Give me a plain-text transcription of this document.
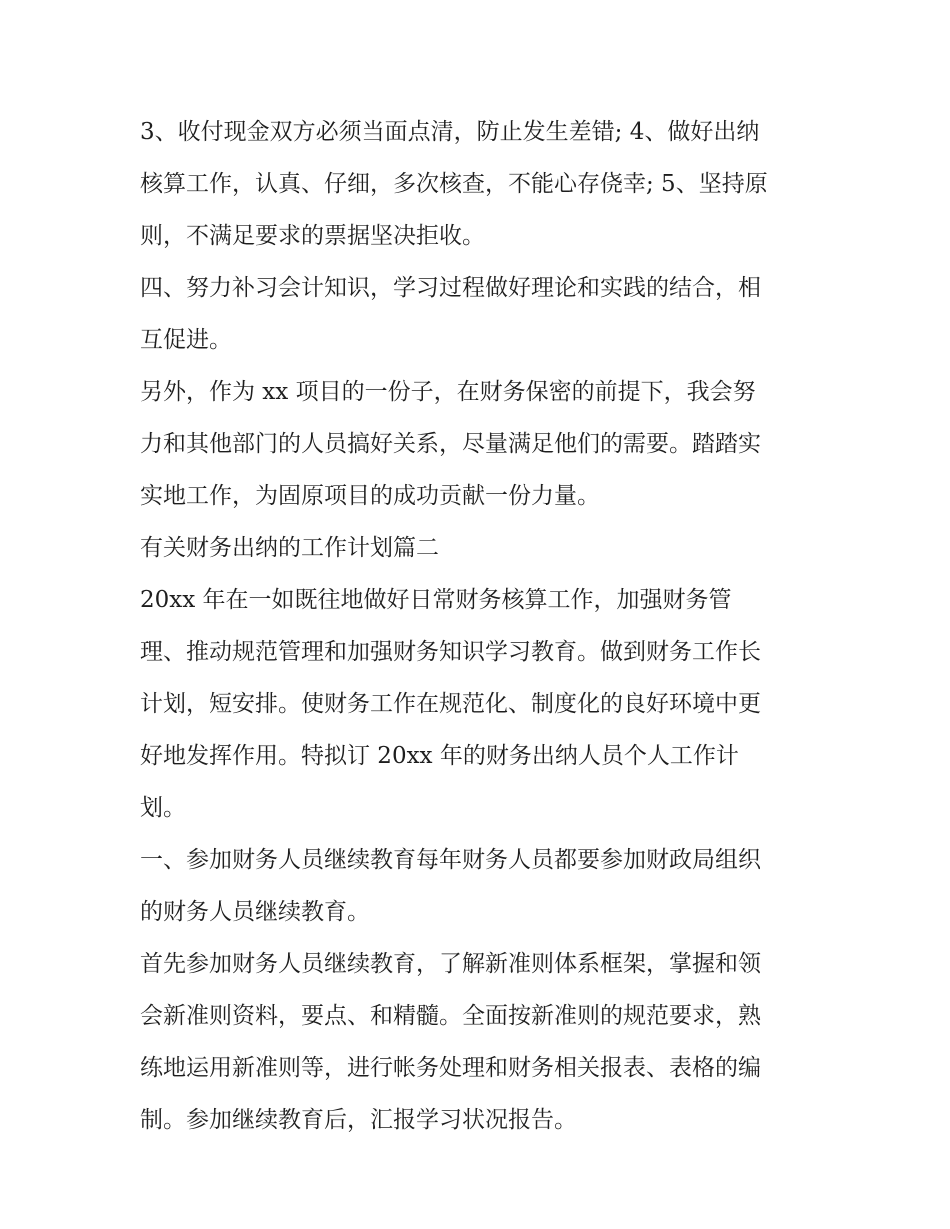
3、收付现金双方必须当面点清，防止发生差错; 4、做好出纳
核算工作，认真、仔细，多次核查，不能心存侥幸; 5、坚持原
则，不满足要求的票据坚决拒收。
四、努力补习会计知识，学习过程做好理论和实践的结合，相
互促进。
另外，作为 xx 项目的一份子，在财务保密的前提下，我会努
力和其他部门的人员搞好关系，尽量满足他们的需要。踏踏实
实地工作，为固原项目的成功贡献一份力量。
有关财务出纳的工作计划篇二
20xx 年在一如既往地做好日常财务核算工作，加强财务管
理、推动规范管理和加强财务知识学习教育。做到财务工作长
计划，短安排。使财务工作在规范化、制度化的良好环境中更
好地发挥作用。特拟订 20xx 年的财务出纳人员个人工作计
划。
一、参加财务人员继续教育每年财务人员都要参加财政局组织
的财务人员继续教育。
首先参加财务人员继续教育，了解新准则体系框架，掌握和领
会新准则资料，要点、和精髓。全面按新准则的规范要求，熟
练地运用新准则等，进行帐务处理和财务相关报表、表格的编
制。参加继续教育后，汇报学习状况报告。
